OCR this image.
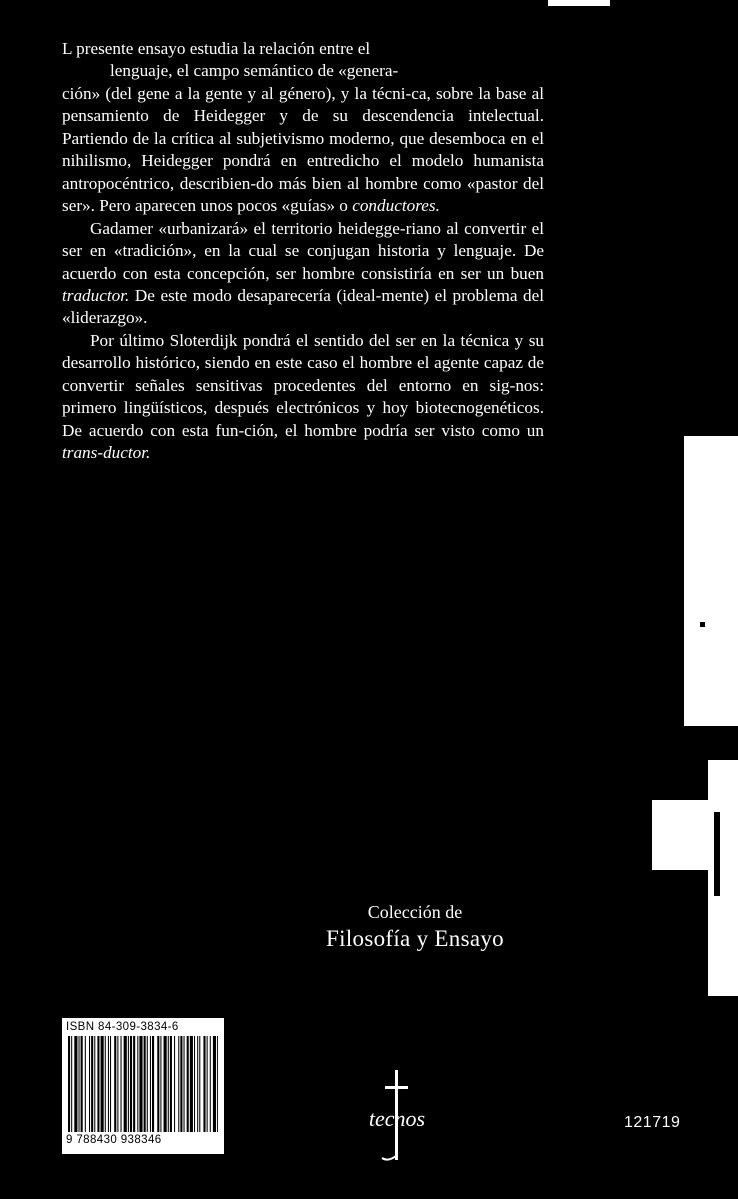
L presente ensayo estudia la relación entre el
lenguaje, el campo semántico de «genera-
ción» (del gene a la gente y al género), y la técni-ca, sobre la base al pensamiento de Heidegger y de su descendencia intelectual. Partiendo de la crítica al subjetivismo moderno, que desemboca en el nihilismo, Heidegger pondrá en entredicho el modelo humanista antropocéntrico, describien-do más bien al hombre como «pastor del ser». Pero aparecen unos pocos «guías» o conductores.

Gadamer «urbanizará» el territorio heidegge-riano al convertir el ser en «tradición», en la cual se conjugan historia y lenguaje. De acuerdo con esta concepción, ser hombre consistiría en ser un buen traductor. De este modo desaparecería (ideal-mente) el problema del «liderazgo».

Por último Sloterdijk pondrá el sentido del ser en la técnica y su desarrollo histórico, siendo en este caso el hombre el agente capaz de convertir señales sensitivas procedentes del entorno en sig-nos: primero lingüísticos, después electrónicos y hoy biotecnogenéticos. De acuerdo con esta fun-ción, el hombre podría ser visto como un trans-ductor.

Colección de
Filosofía y Ensayo
ISBN 84-309-3834-6
9 788430 938346
tecnos	121719
